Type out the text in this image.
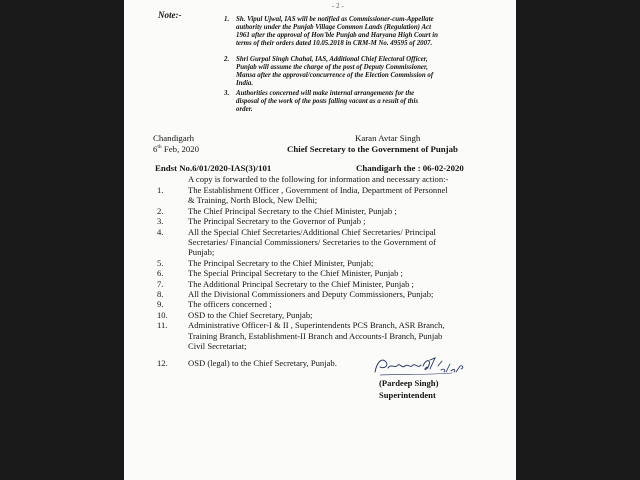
- 2 -
Note:-	1. Sh. Vipul Ujwal, IAS will be notified as Commissioner-cum-Appellate
authority under the Punjab Village Common Lands (Regulation) Act
1961 after the approval of Hon'ble Punjab and Haryana High Court in
terms of their orders dated 10.05.2018 in CRM-M No. 49595 of 2007.
2. Shri Gurpal Singh Chahal, IAS, Additional Chief Electoral Officer,
Punjab will assume the charge of the post of Deputy Commissioner,
Mansa after the approval/concurrence of the Election Commission of
India.
3. Authorities concerned will make internal arrangements for the
disposal of the work of the posts falling vacant as a result of this
order.
Chandigarh
6th Feb, 2020
Karan Avtar Singh
Chief Secretary to the Government of Punjab
Endst No.6/01/2020-IAS(3)/101	Chandigarh the : 06-02-2020
A copy is forwarded to the following for information and necessary action:-
1.	The Establishment Officer , Government of India, Department of Personnel
& Training, North Block, New Delhi;
2.	The Chief Principal Secretary to the Chief Minister, Punjab ;
3.	The Principal Secretary to the Governor of Punjab ;
4.	All the Special Chief Secretaries/Additional Chief Secretaries/ Principal
Secretaries/ Financial Commissioners/ Secretaries to the Government of
Punjab;
5.	The Principal Secretary to the Chief Minister, Punjab;
6.	The Special Principal Secretary to the Chief Minister, Punjab ;
7.	The Additional Principal Secretary to the Chief Minister, Punjab ;
8.	All the Divisional Commissioners and Deputy Commissioners, Punjab;
9.	The officers concerned ;
10. OSD to the Chief Secretary, Punjab;
11. Administrative Officer-I & II , Superintendents PCS Branch, ASR Branch,
Training Branch, Establishment-II Branch and Accounts-I Branch, Punjab
Civil Secretariat;
12. OSD (legal) to the Chief Secretary, Punjab.
(Pardeep Singh)
Superintendent
